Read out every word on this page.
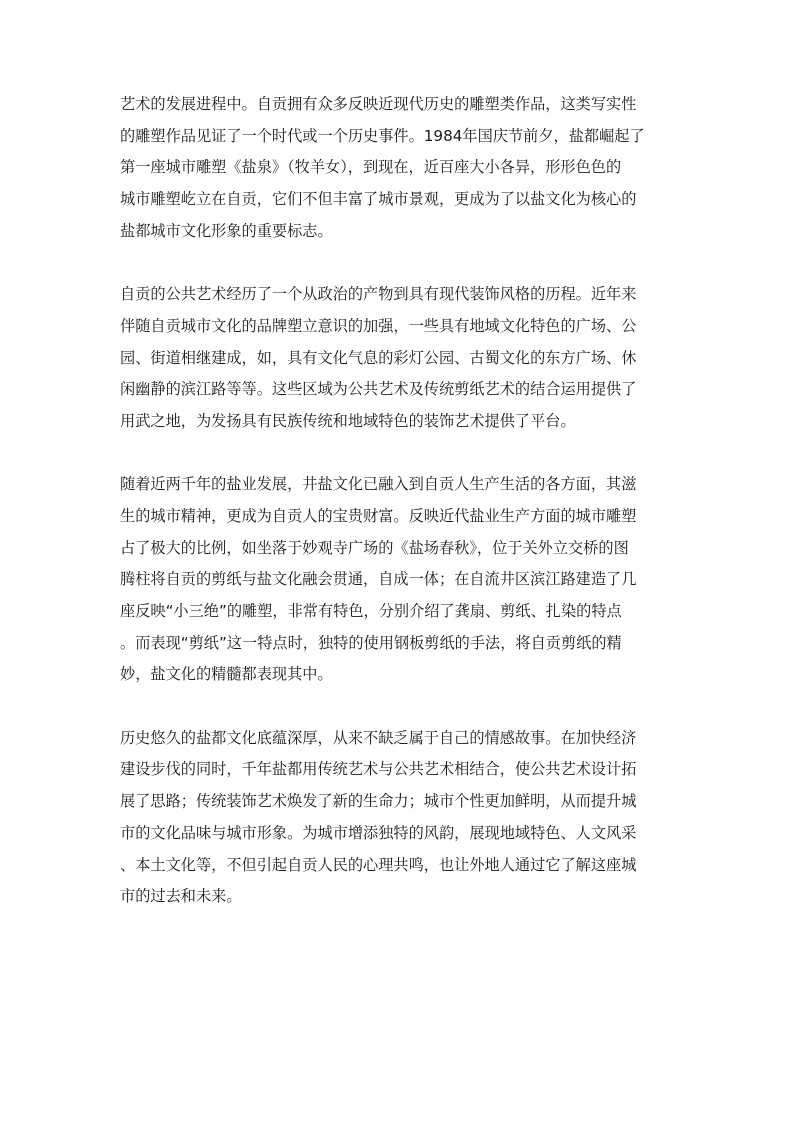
艺术的发展进程中。自贡拥有众多反映近现代历史的雕塑类作品，这类写实性
的雕塑作品见证了一个时代或一个历史事件。1984年国庆节前夕，盐都崛起了
第一座城市雕塑《盐泉》（牧羊女），到现在，近百座大小各异，形形色色的
城市雕塑屹立在自贡，它们不但丰富了城市景观，更成为了以盐文化为核心的
盐都城市文化形象的重要标志。

自贡的公共艺术经历了一个从政治的产物到具有现代装饰风格的历程。近年来
伴随自贡城市文化的品牌塑立意识的加强，一些具有地域文化特色的广场、公
园、街道相继建成，如，具有文化气息的彩灯公园、古蜀文化的东方广场、休
闲幽静的滨江路等等。这些区域为公共艺术及传统剪纸艺术的结合运用提供了
用武之地，为发扬具有民族传统和地域特色的装饰艺术提供了平台。

随着近两千年的盐业发展，井盐文化已融入到自贡人生产生活的各方面，其滋
生的城市精神，更成为自贡人的宝贵财富。反映近代盐业生产方面的城市雕塑
占了极大的比例，如坐落于妙观寺广场的《盐场春秋》，位于关外立交桥的图
腾柱将自贡的剪纸与盐文化融会贯通，自成一体；在自流井区滨江路建造了几
座反映“小三绝”的雕塑，非常有特色，分别介绍了龚扇、剪纸、扎染的特点
。而表现“剪纸”这一特点时，独特的使用钢板剪纸的手法，将自贡剪纸的精
妙，盐文化的精髓都表现其中。

历史悠久的盐都文化底蕴深厚，从来不缺乏属于自己的情感故事。在加快经济
建设步伐的同时，千年盐都用传统艺术与公共艺术相结合，使公共艺术设计拓
展了思路；传统装饰艺术焕发了新的生命力；城市个性更加鲜明，从而提升城
市的文化品味与城市形象。为城市增添独特的风韵，展现地域特色、人文风采
、本土文化等，不但引起自贡人民的心理共鸣，也让外地人通过它了解这座城
市的过去和未来。
